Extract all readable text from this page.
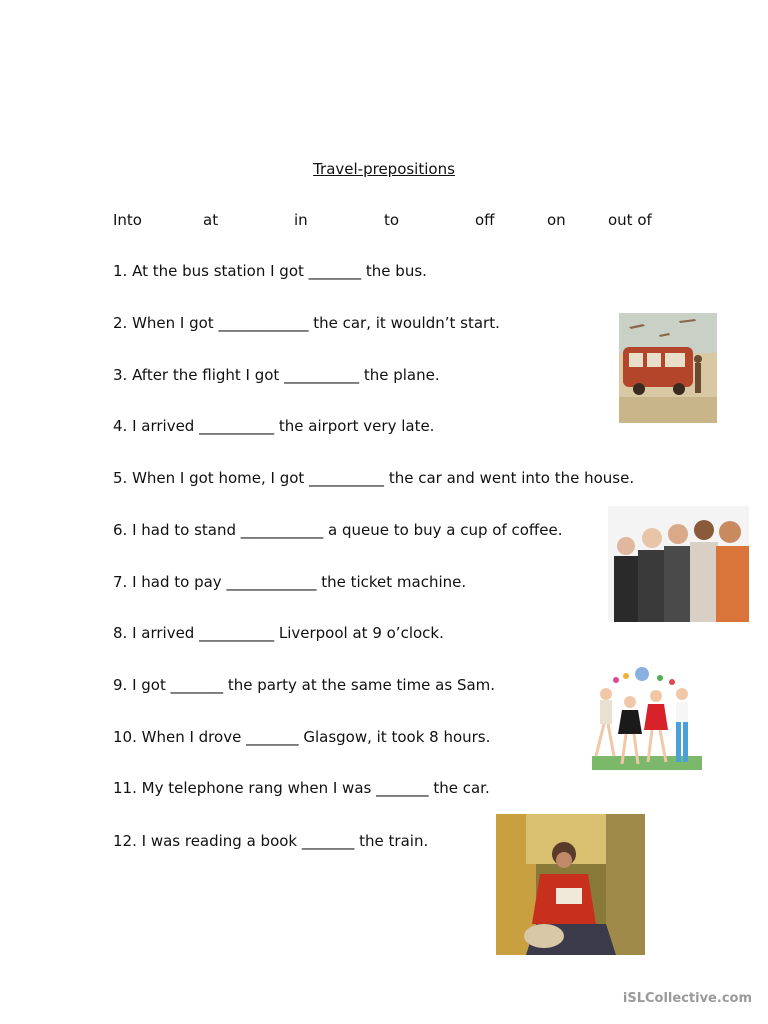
Travel-prepositions
Into	at	in	to	off	on	out of
1. At the bus station I got _______ the bus.
2. When I got ____________ the car, it wouldn’t start.
3. After the flight I got __________ the plane.
4. I arrived __________ the airport very late.
5. When I got home, I got __________ the car and went into the house.
6. I had to stand ___________ a queue to buy a cup of coffee.
7. I had to pay ____________ the ticket machine.
8. I arrived __________ Liverpool at 9 o’clock.
9. I got _______ the party at the same time as Sam.
10. When I drove _______ Glasgow, it took 8 hours.
11. My telephone rang when I was _______ the car.
12. I was reading a book _______ the train.
iSLCollective.com
